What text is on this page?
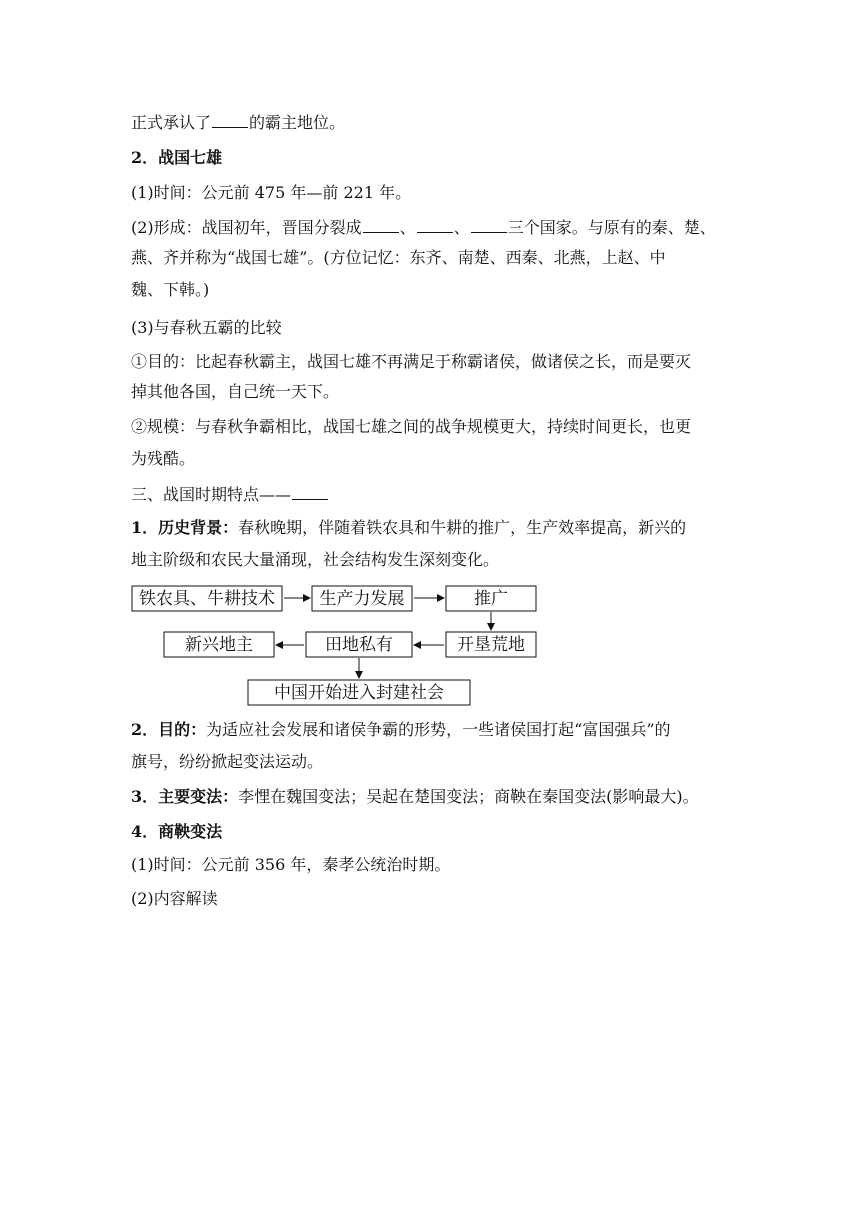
正式承认了 的霸主地位。
2．战国七雄
(1)时间：公元前 475 年—前 221 年。
(2)形成：战国初年，晋国分裂成 、 、 三个国家。与原有的秦、楚、
燕、齐并称为“战国七雄”。(方位记忆：东齐、南楚、西秦、北燕，上赵、中
魏、下韩。)
(3)与春秋五霸的比较
①目的：比起春秋霸主，战国七雄不再满足于称霸诸侯，做诸侯之长，而是要灭
掉其他各国，自己统一天下。
②规模：与春秋争霸相比，战国七雄之间的战争规模更大，持续时间更长，也更
为残酷。
三、战国时期特点——
1．历史背景：春秋晚期，伴随着铁农具和牛耕的推广，生产效率提高，新兴的
地主阶级和农民大量涌现，社会结构发生深刻变化。
铁农具、牛耕技术	生产力发展	推广
开垦荒地
田地私有
新兴地主
中国开始进入封建社会
2．目的：为适应社会发展和诸侯争霸的形势，一些诸侯国打起“富国强兵”的
旗号，纷纷掀起变法运动。
3．主要变法：李悝在魏国变法；吴起在楚国变法；商鞅在秦国变法(影响最大)。
4．商鞅变法
(1)时间：公元前 356 年，秦孝公统治时期。
(2)内容解读
